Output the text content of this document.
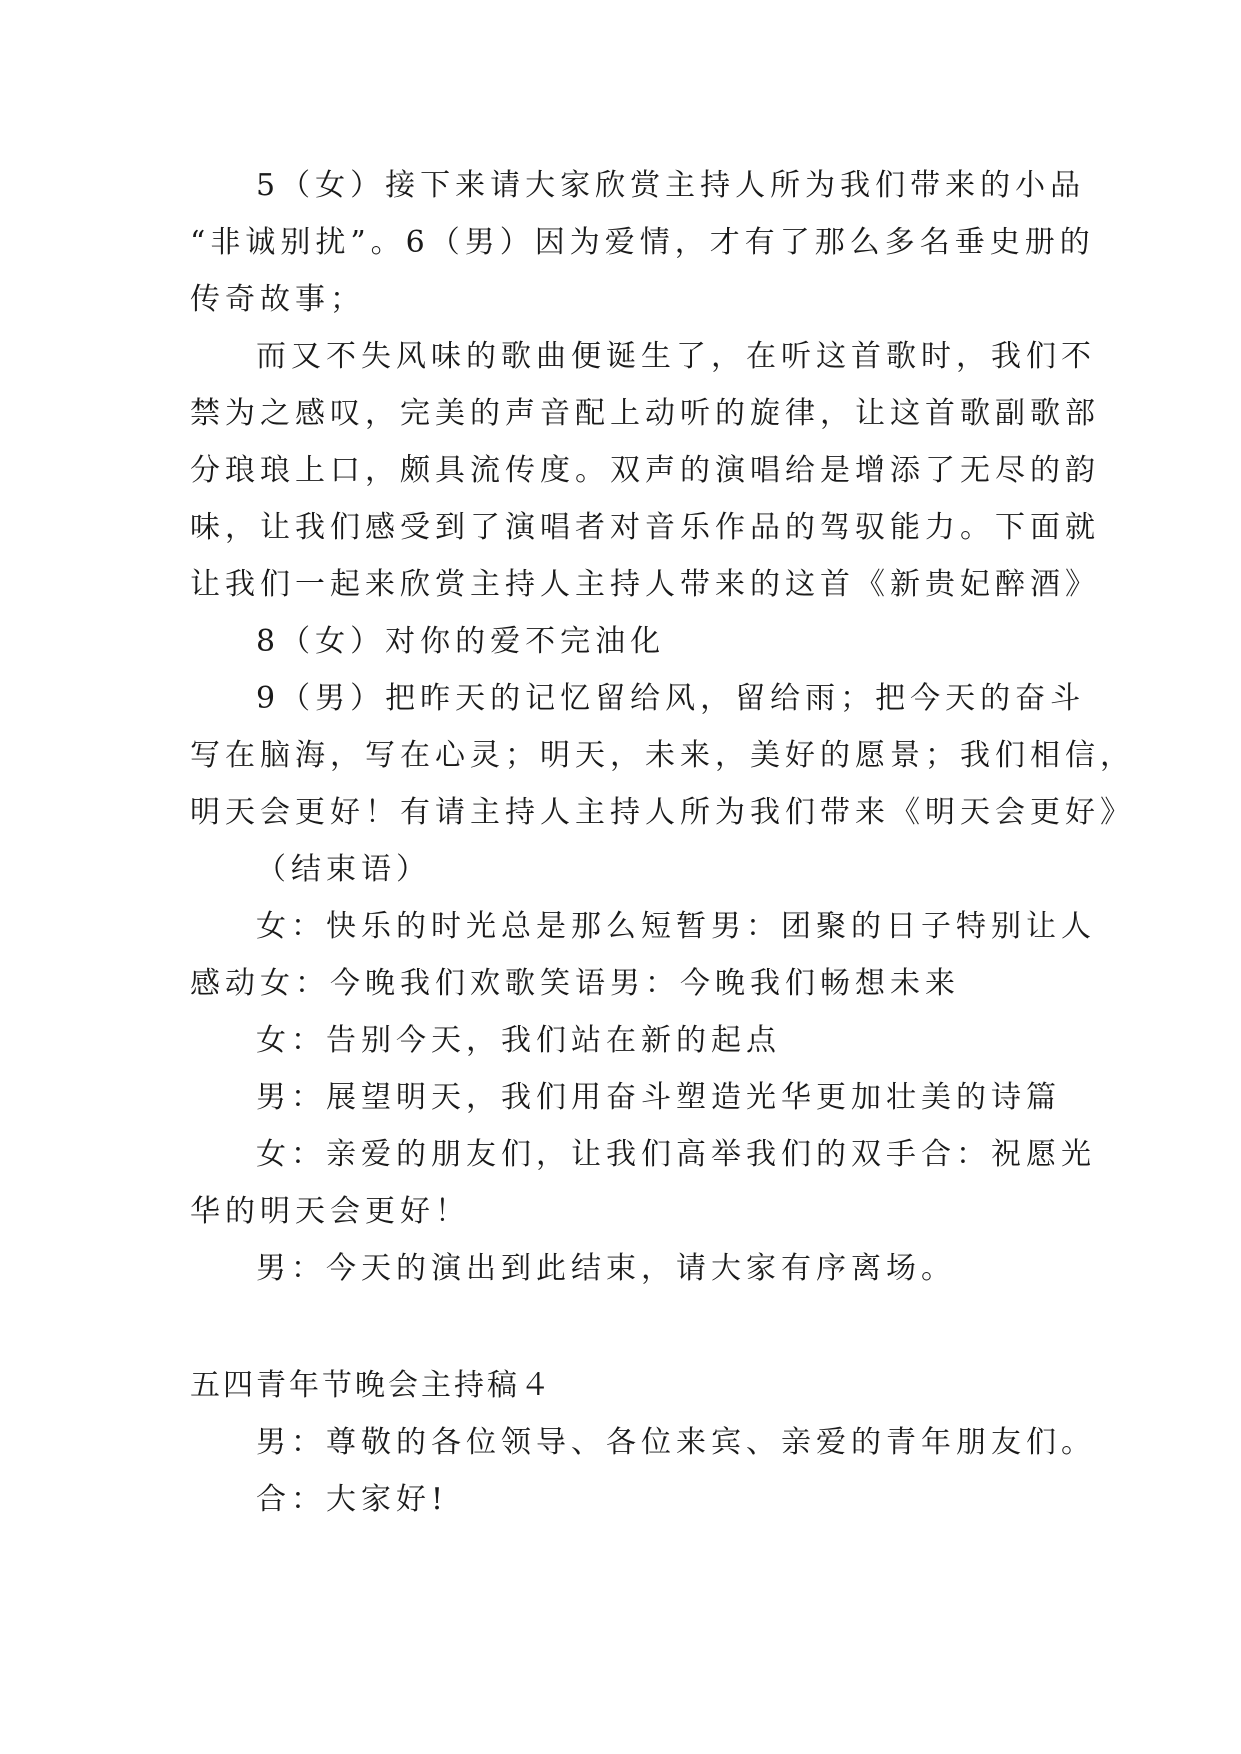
5（女）接下来请大家欣赏主持人所为我们带来的小品
“非诚别扰”。6（男）因为爱情，才有了那么多名垂史册的
传奇故事；
而又不失风味的歌曲便诞生了，在听这首歌时，我们不
禁为之感叹，完美的声音配上动听的旋律，让这首歌副歌部
分琅琅上口，颇具流传度。双声的演唱给是增添了无尽的韵
味，让我们感受到了演唱者对音乐作品的驾驭能力。下面就
让我们一起来欣赏主持人主持人带来的这首《新贵妃醉酒》
8（女）对你的爱不完油化
9（男）把昨天的记忆留给风，留给雨；把今天的奋斗
写在脑海，写在心灵；明天，未来，美好的愿景；我们相信，
明天会更好！有请主持人主持人所为我们带来《明天会更好》
（结束语）
女：快乐的时光总是那么短暂男：团聚的日子特别让人
感动女：今晚我们欢歌笑语男：今晚我们畅想未来
女：告别今天，我们站在新的起点
男：展望明天，我们用奋斗塑造光华更加壮美的诗篇
女：亲爱的朋友们，让我们高举我们的双手合：祝愿光
华的明天会更好！
男：今天的演出到此结束，请大家有序离场。
五四青年节晚会主持稿４
男：尊敬的各位领导、各位来宾、亲爱的青年朋友们。
合：大家好!
